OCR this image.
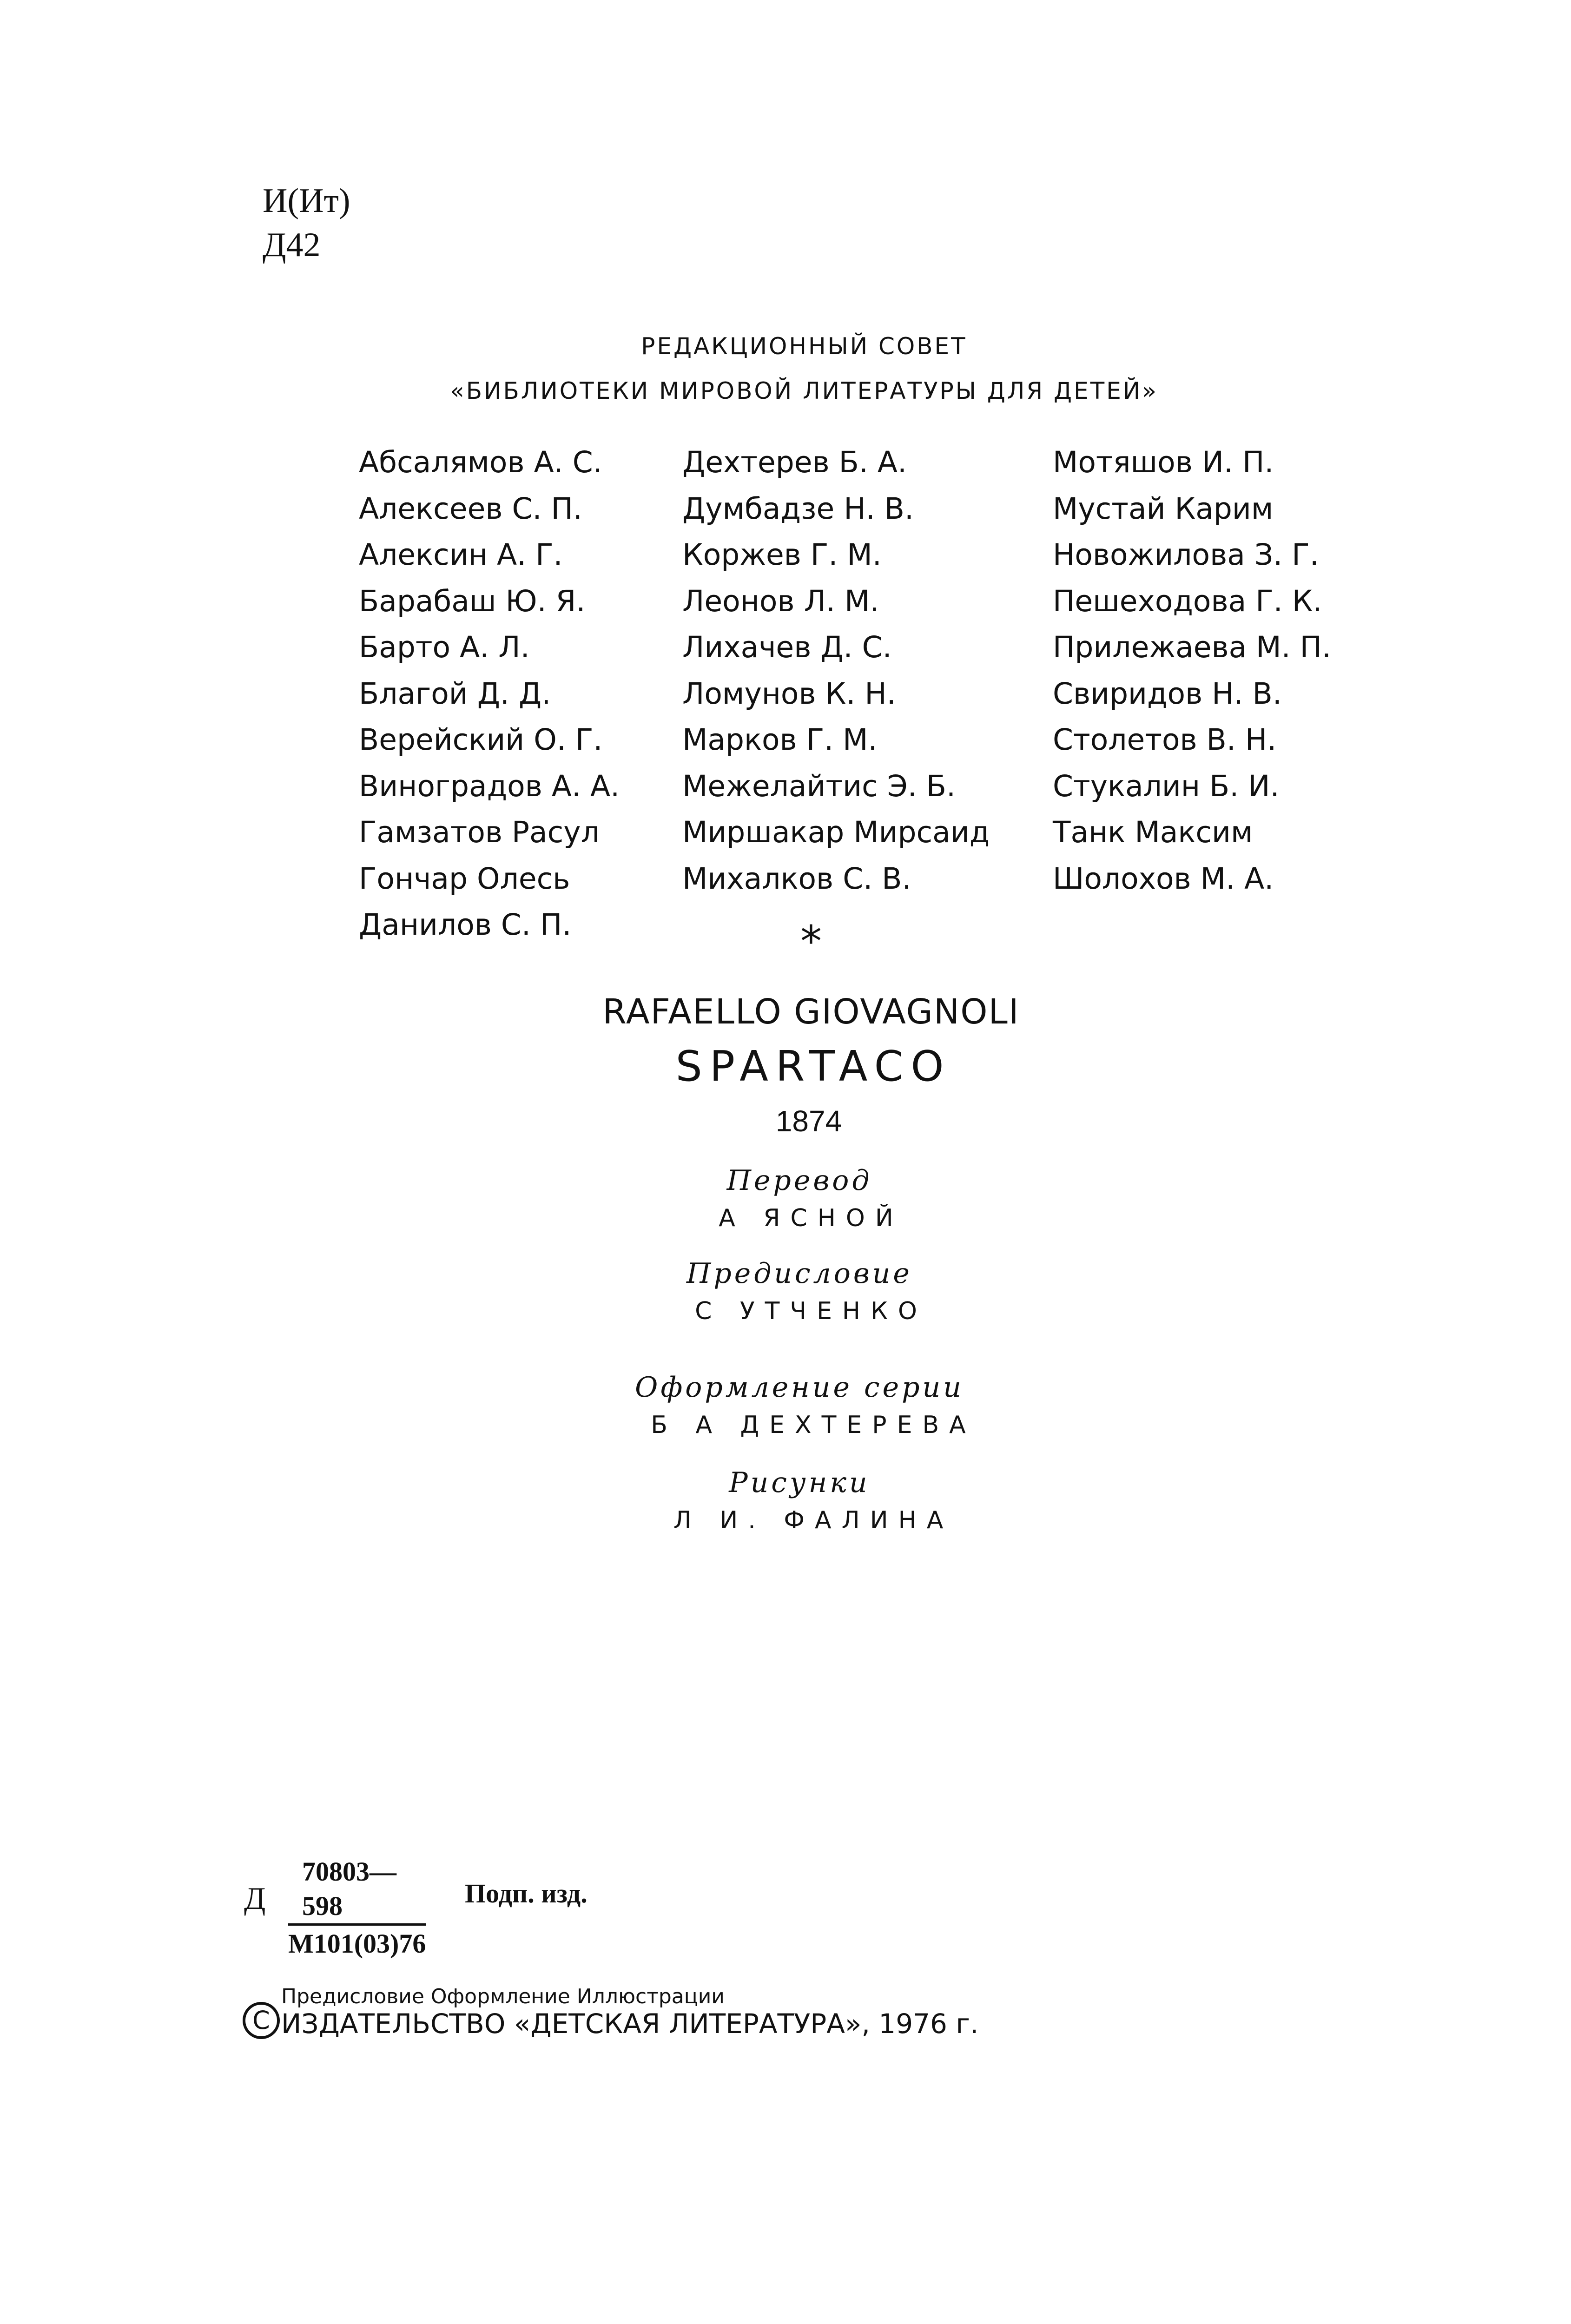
И(Ит)
Д42
РЕДАКЦИОННЫЙ СОВЕТ
«БИБЛИОТЕКИ МИРОВОЙ ЛИТЕРАТУРЫ ДЛЯ ДЕТЕЙ»
Абсалямов А. С.
Алексеев С. П.
Алексин А. Г.
Барабаш Ю. Я.
Барто А. Л.
Благой Д. Д.
Верейский О. Г.
Виноградов А. А.
Гамзатов Расул
Гончар Олесь
Данилов С. П.
Дехтерев Б. А.
Думбадзе Н. В.
Коржев Г. М.
Леонов Л. М.
Лихачев Д. С.
Ломунов К. Н.
Марков Г. М.
Межелайтис Э. Б.
Миршакар Мирсаид
Михалков С. В.
Мотяшов И. П.
Мустай Карим
Новожилова З. Г.
Пешеходова Г. К.
Прилежаева М. П.
Свиридов Н. В.
Столетов В. Н.
Стукалин Б. И.
Танк Максим
Шолохов М. А.
*
RAFAELLO GIOVAGNOLI
SPARTACO
1874
Перевод
А ЯСНОЙ
Предисловие
С УТЧЕНКО
Оформление серии
Б А ДЕХТЕРЕВА
Рисунки
Л И. ФАЛИНА
Д
70803—598
М101(03)76
Подп. изд.
Предисловие Оформление Иллюстрации
C ИЗДАТЕЛЬСТВО «ДЕТСКАЯ ЛИТЕРАТУРА», 1976 г.
